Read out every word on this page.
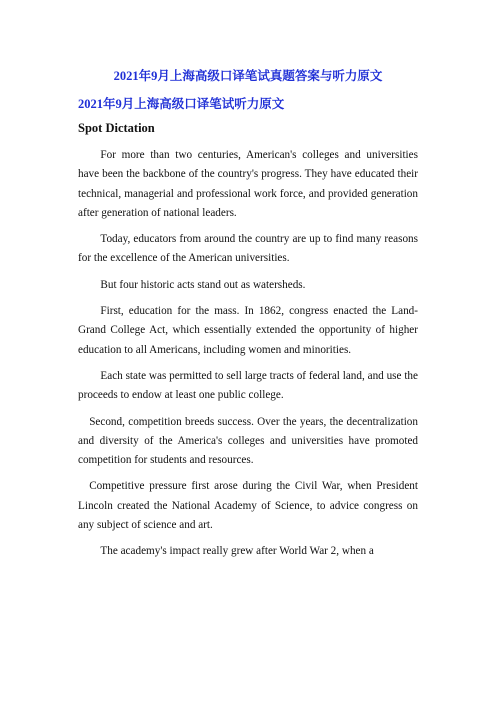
2021年9月上海高级口译笔试真题答案与听力原文
2021年9月上海高级口译笔试听力原文
Spot Dictation

For more than two centuries, American's colleges and universities have been the backbone of the country's progress. They have educated their technical, managerial and professional work force, and provided generation after generation of national leaders.

Today, educators from around the country are up to find many reasons for the excellence of the American universities.

But four historic acts stand out as watersheds.

First, education for the mass. In 1862, congress enacted the Land-Grand College Act, which essentially extended the opportunity of higher education to all Americans, including women and minorities.

Each state was permitted to sell large tracts of federal land, and use the proceeds to endow at least one public college.

Second, competition breeds success. Over the years, the decentralization and diversity of the America's colleges and universities have promoted competition for students and resources.

Competitive pressure first arose during the Civil War, when President Lincoln created the National Academy of Science, to advice congress on any subject of science and art.

The academy's impact really grew after World War 2, when a
